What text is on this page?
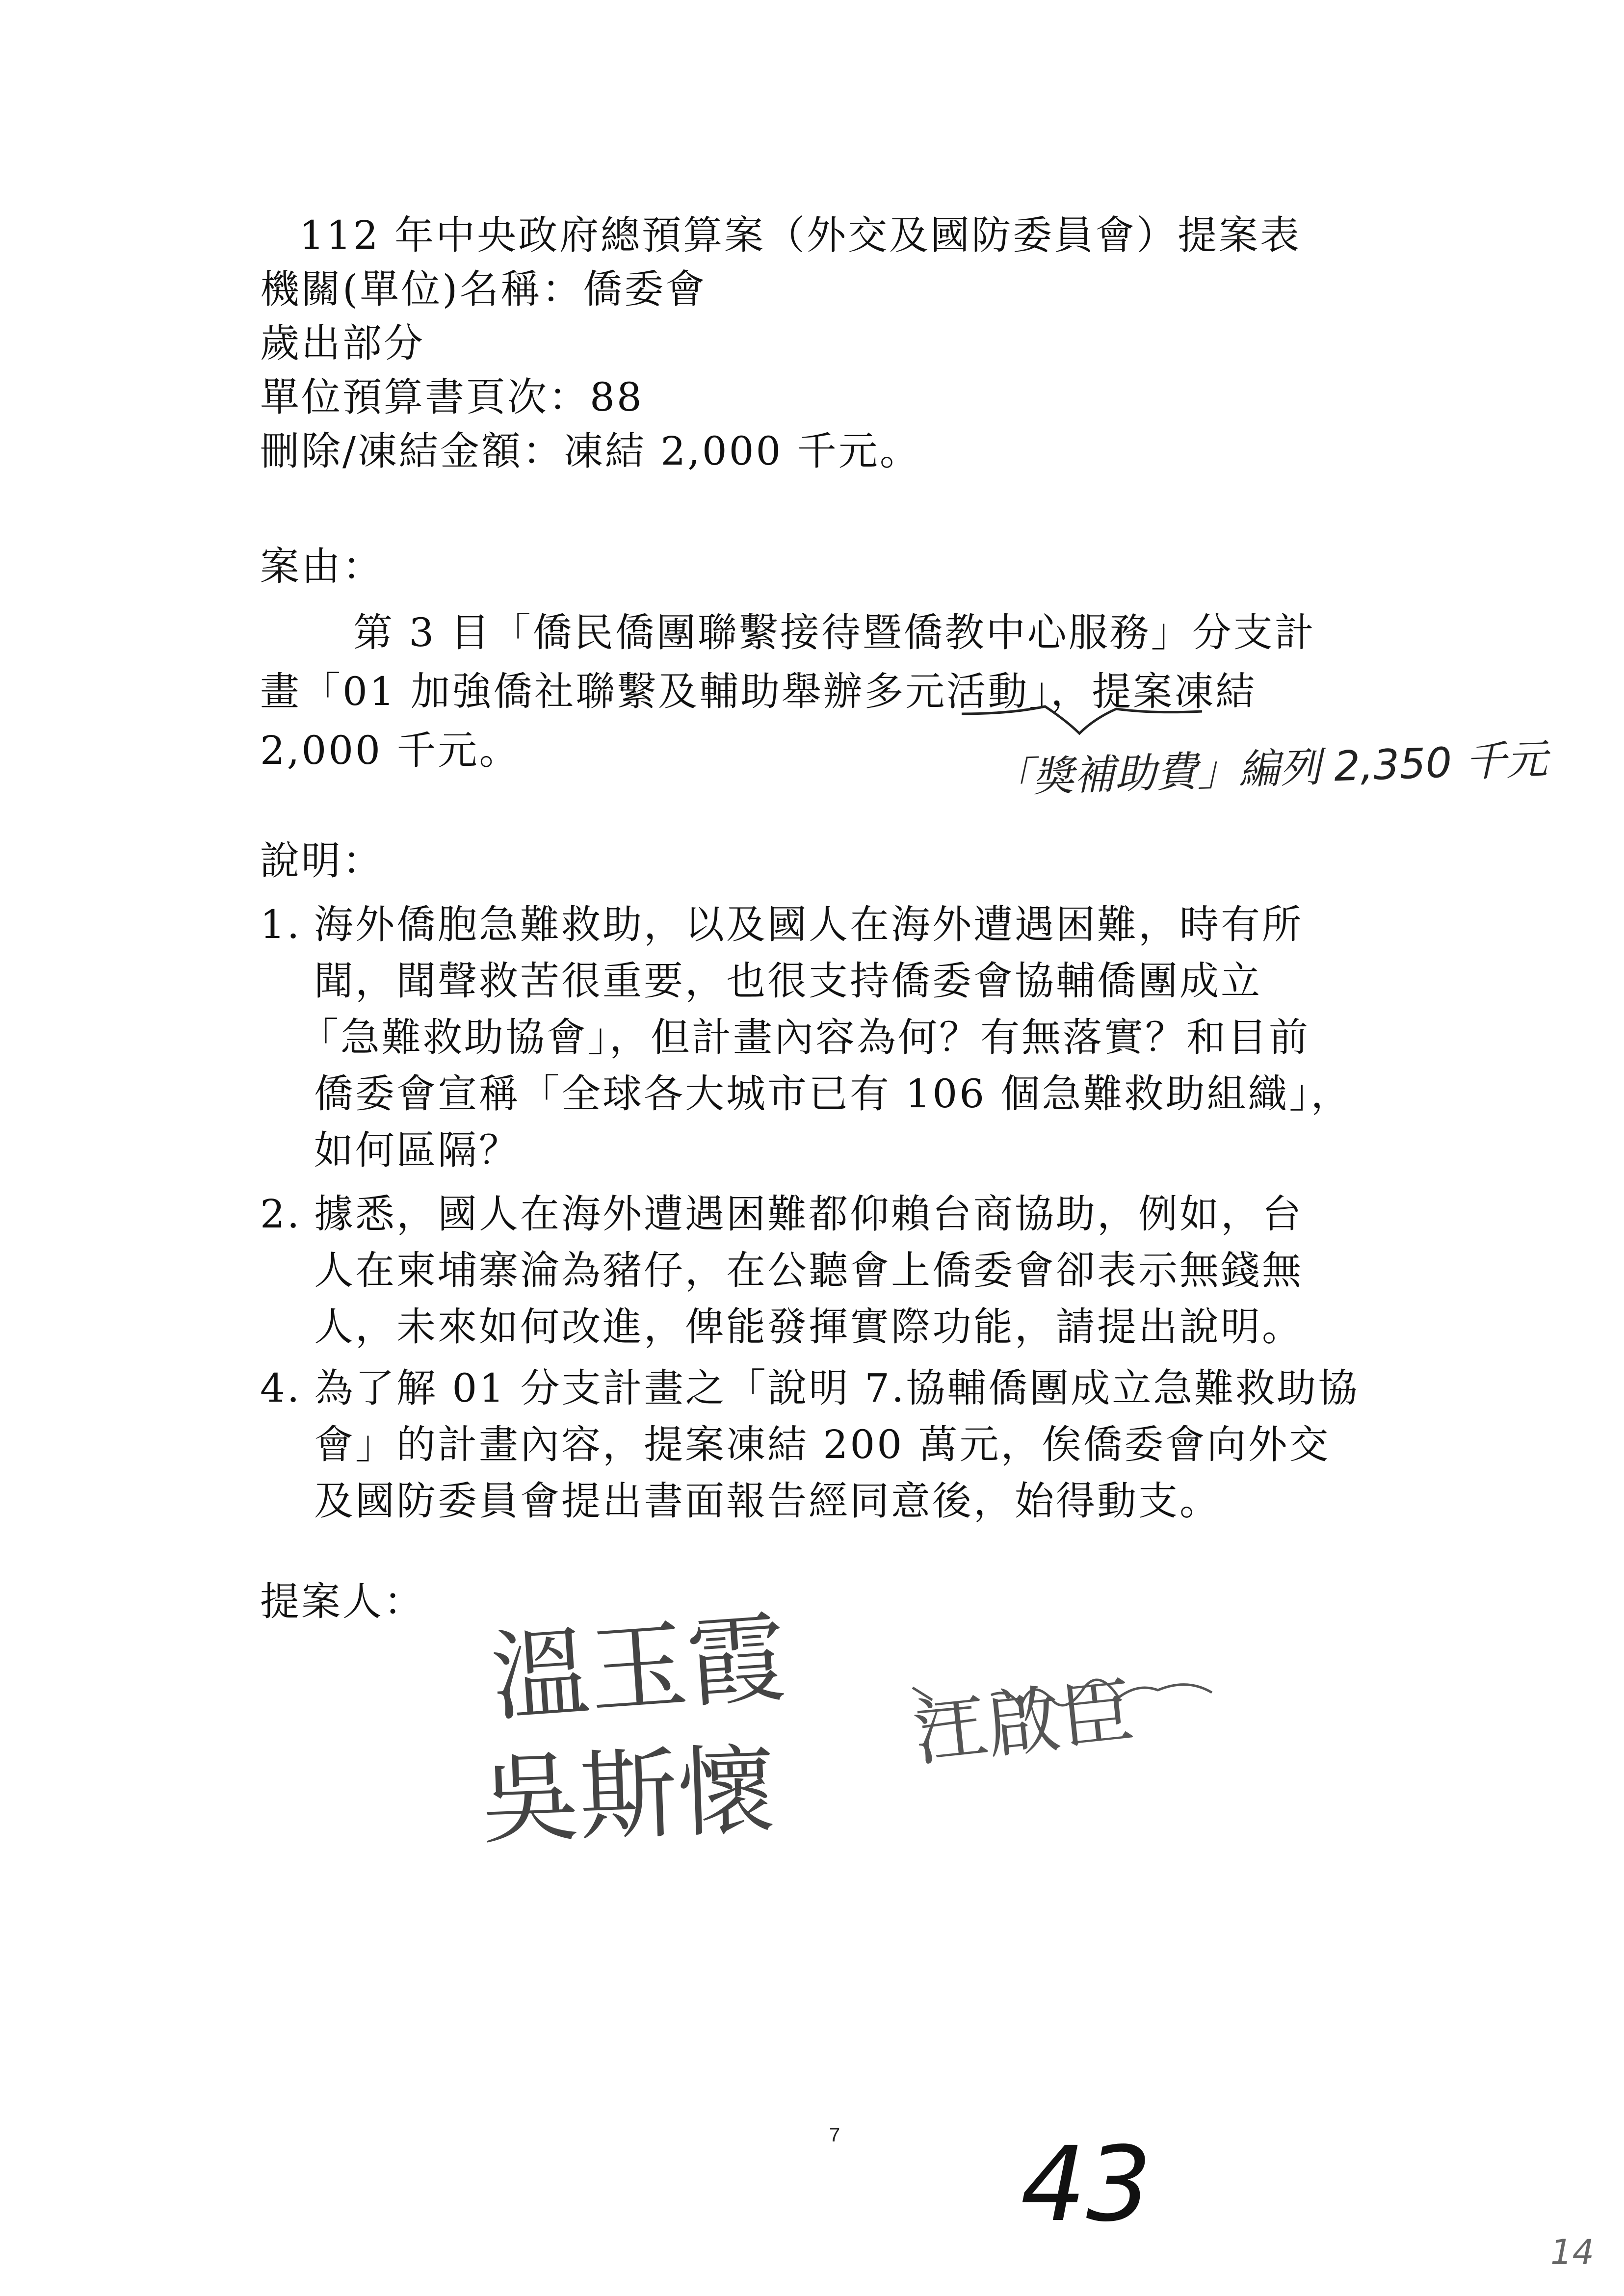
112 年中央政府總預算案（外交及國防委員會）提案表
機關(單位)名稱：僑委會
歲出部分
單位預算書頁次：88
刪除/凍結金額：凍結 2,000 千元。
案由：
第 3 目「僑民僑團聯繫接待暨僑教中心服務」分支計
畫「01 加強僑社聯繫及輔助舉辦多元活動」，提案凍結
2,000 千元。	「獎補助費」編列 2,350 千元
說明：
1. 海外僑胞急難救助，以及國人在海外遭遇困難，時有所
聞，聞聲救苦很重要，也很支持僑委會協輔僑團成立
「急難救助協會」，但計畫內容為何？有無落實？和目前
僑委會宣稱「全球各大城市已有 106 個急難救助組織」，
如何區隔？
2. 據悉，國人在海外遭遇困難都仰賴台商協助，例如，台
人在柬埔寨淪為豬仔，在公聽會上僑委會卻表示無錢無
人，未來如何改進，俾能發揮實際功能，請提出說明。
4. 為了解 01 分支計畫之「說明 7.協輔僑團成立急難救助協
會」的計畫內容，提案凍結 200 萬元，俟僑委會向外交
及國防委員會提出書面報告經同意後，始得動支。
提案人： 溫玉霞
吳斯懷
江啟臣
7 43
14
